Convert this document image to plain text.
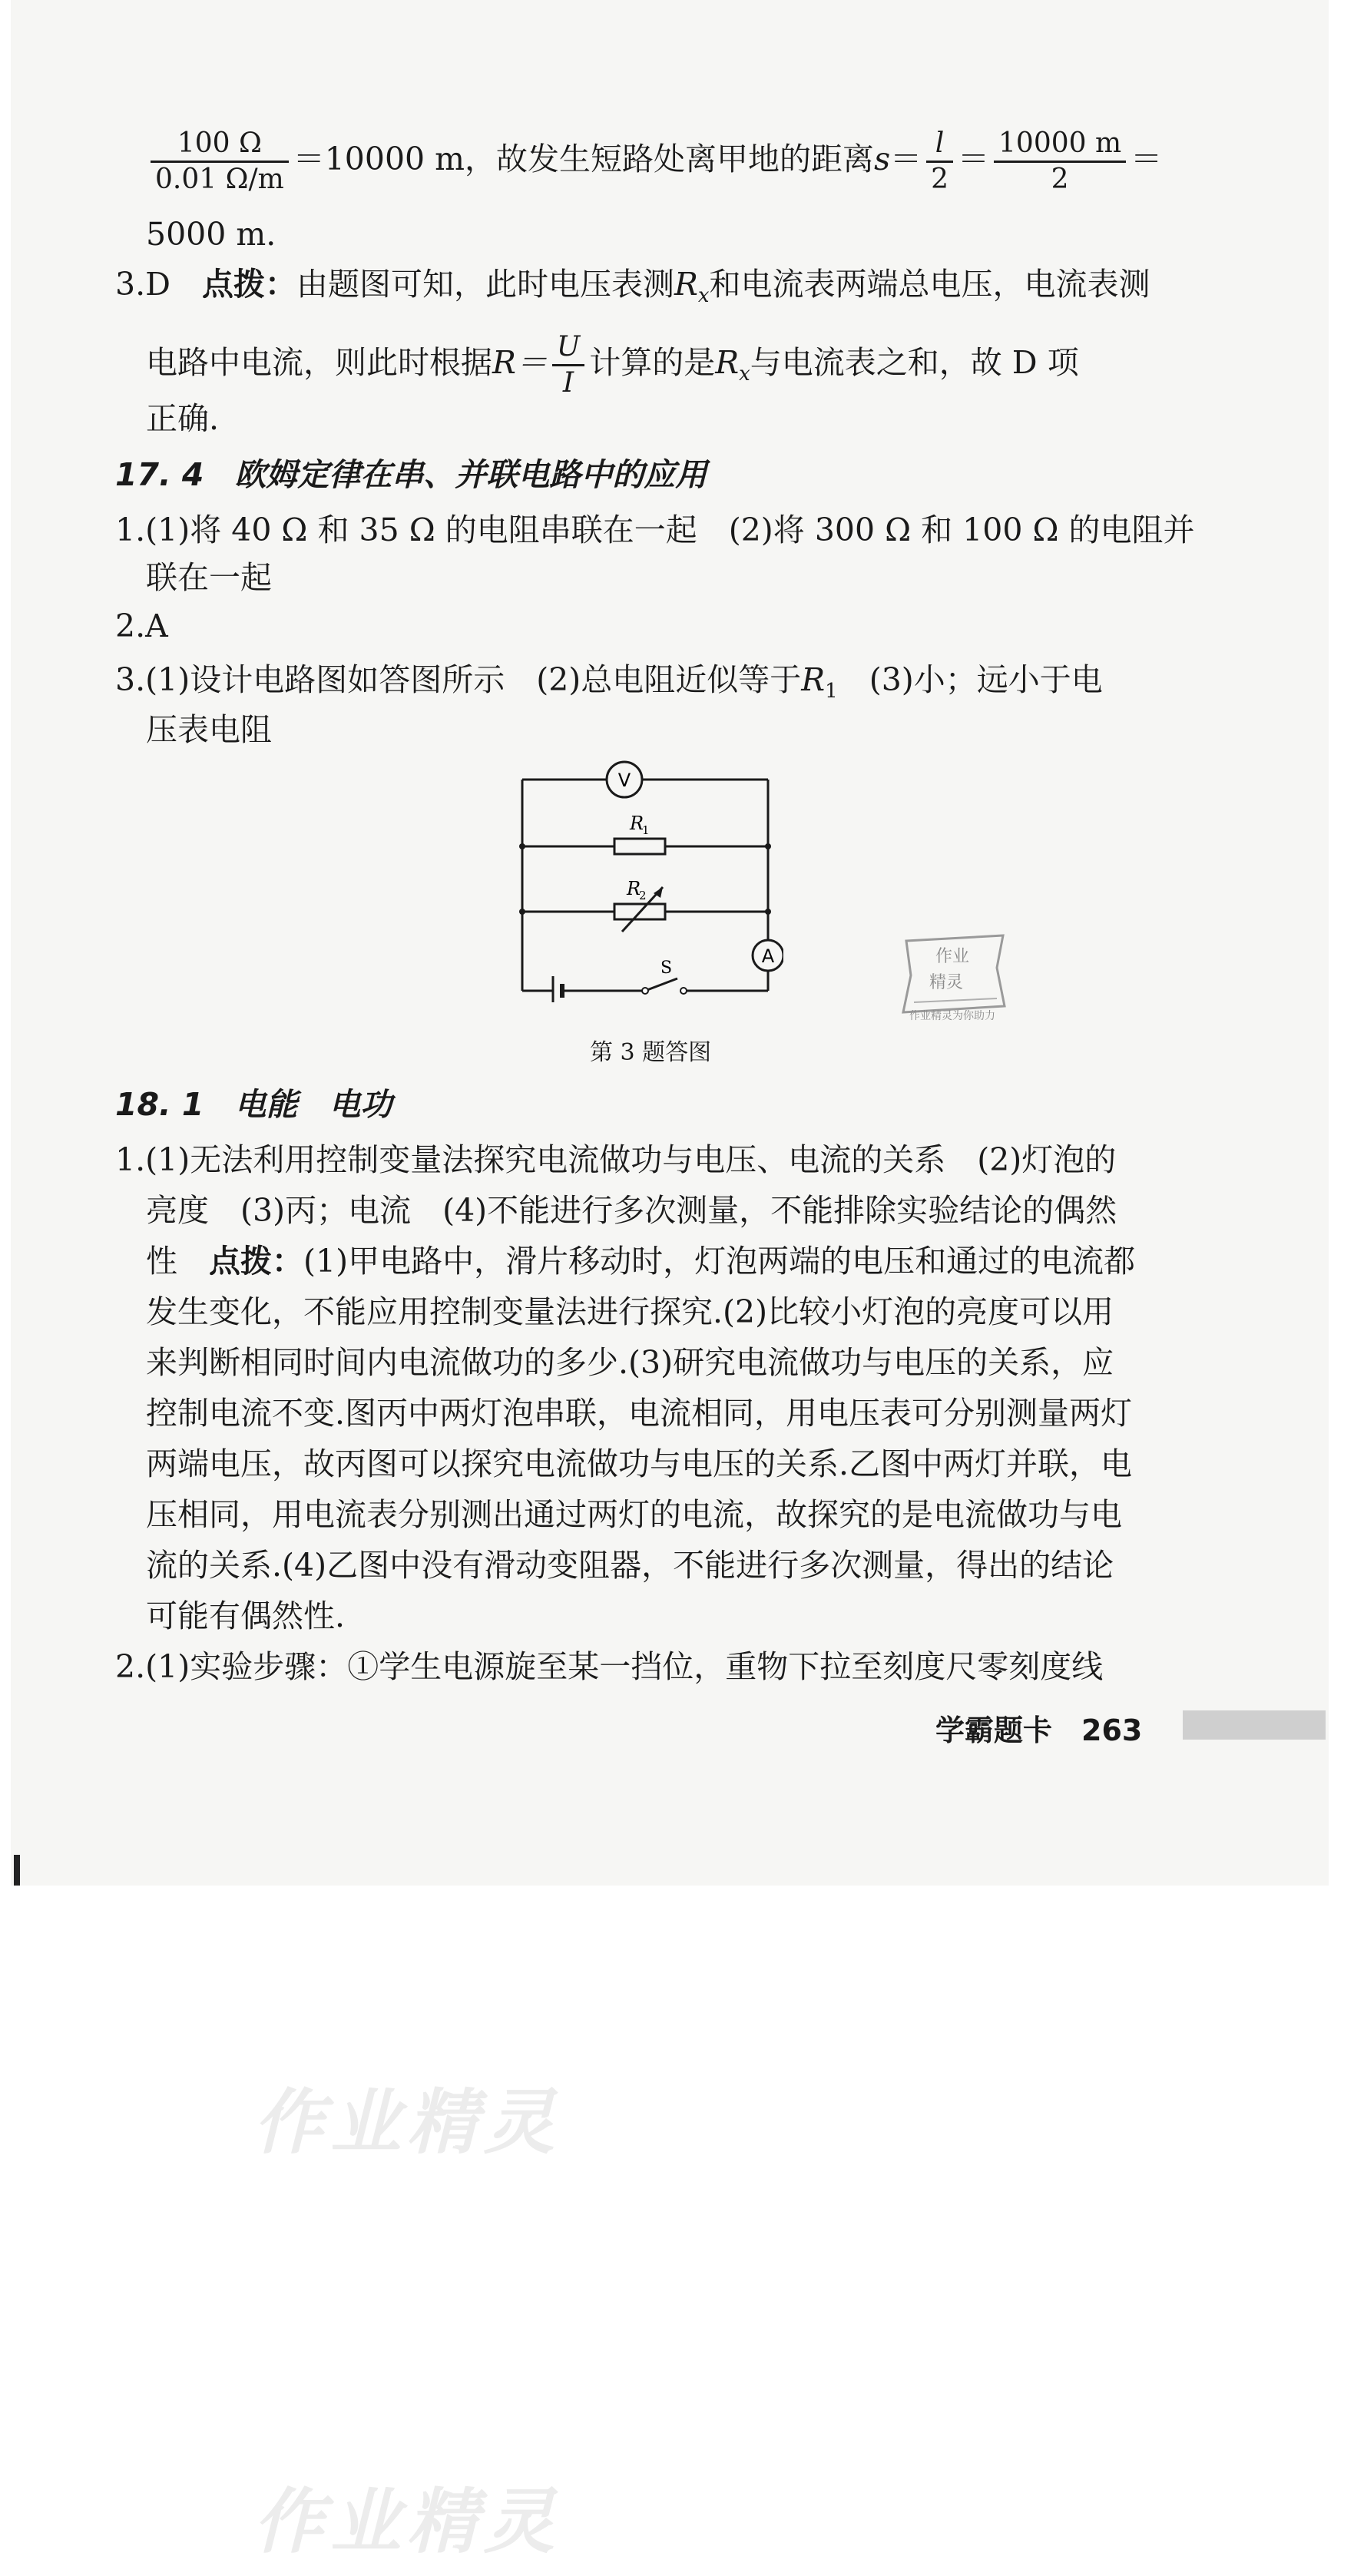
$\frac{100 \Omega}{0.01 \Omega/m} =10000$ m，故发生短路处离甲地的距离$s= \frac{l}{2} = \frac{10000 m}{2}$ ＝
5000 m.
3.D　 点拨：由题图可知，此时电压表测$R_x$和电流表两端总电压，电流表测
电路中电流，则此时根据$R= \frac{U}{I}$ 计算的是$R_x$与电流表之和，故 D 项
正确.
17. 4 欧姆定律在串、并联电路中的应用
1.(1)将 40 Ω 和 35 Ω 的电阻串联在一起　(2)将 300 Ω 和 100 Ω 的电阻并
联在一起
2.A
3.(1)设计电路图如答图所示　(2)总电阻近似等于$R_1$　(3)小；远小于电
压表电阻
V
A
R
1
R
2
S
第 3 题答图
作业
精灵
作业精灵为你助力
18. 1 电能　电功
1.(1)无法利用控制变量法探究电流做功与电压、电流的关系　(2)灯泡的
亮度　(3)丙；电流　(4)不能进行多次测量，不能排除实验结论的偶然
性　点拨：(1)甲电路中，滑片移动时，灯泡两端的电压和通过的电流都
发生变化，不能应用控制变量法进行探究.(2)比较小灯泡的亮度可以用
来判断相同时间内电流做功的多少.(3)研究电流做功与电压的关系，应
控制电流不变.图丙中两灯泡串联，电流相同，用电压表可分别测量两灯
两端电压，故丙图可以探究电流做功与电压的关系.乙图中两灯并联，电
压相同，用电流表分别测出通过两灯的电流，故探究的是电流做功与电
流的关系.(4)乙图中没有滑动变阻器，不能进行多次测量，得出的结论
可能有偶然性.
2.(1)实验步骤：①学生电源旋至某一挡位，重物下拉至刻度尺零刻度线
学霸题卡　 263
作业精灵
作业精灵
